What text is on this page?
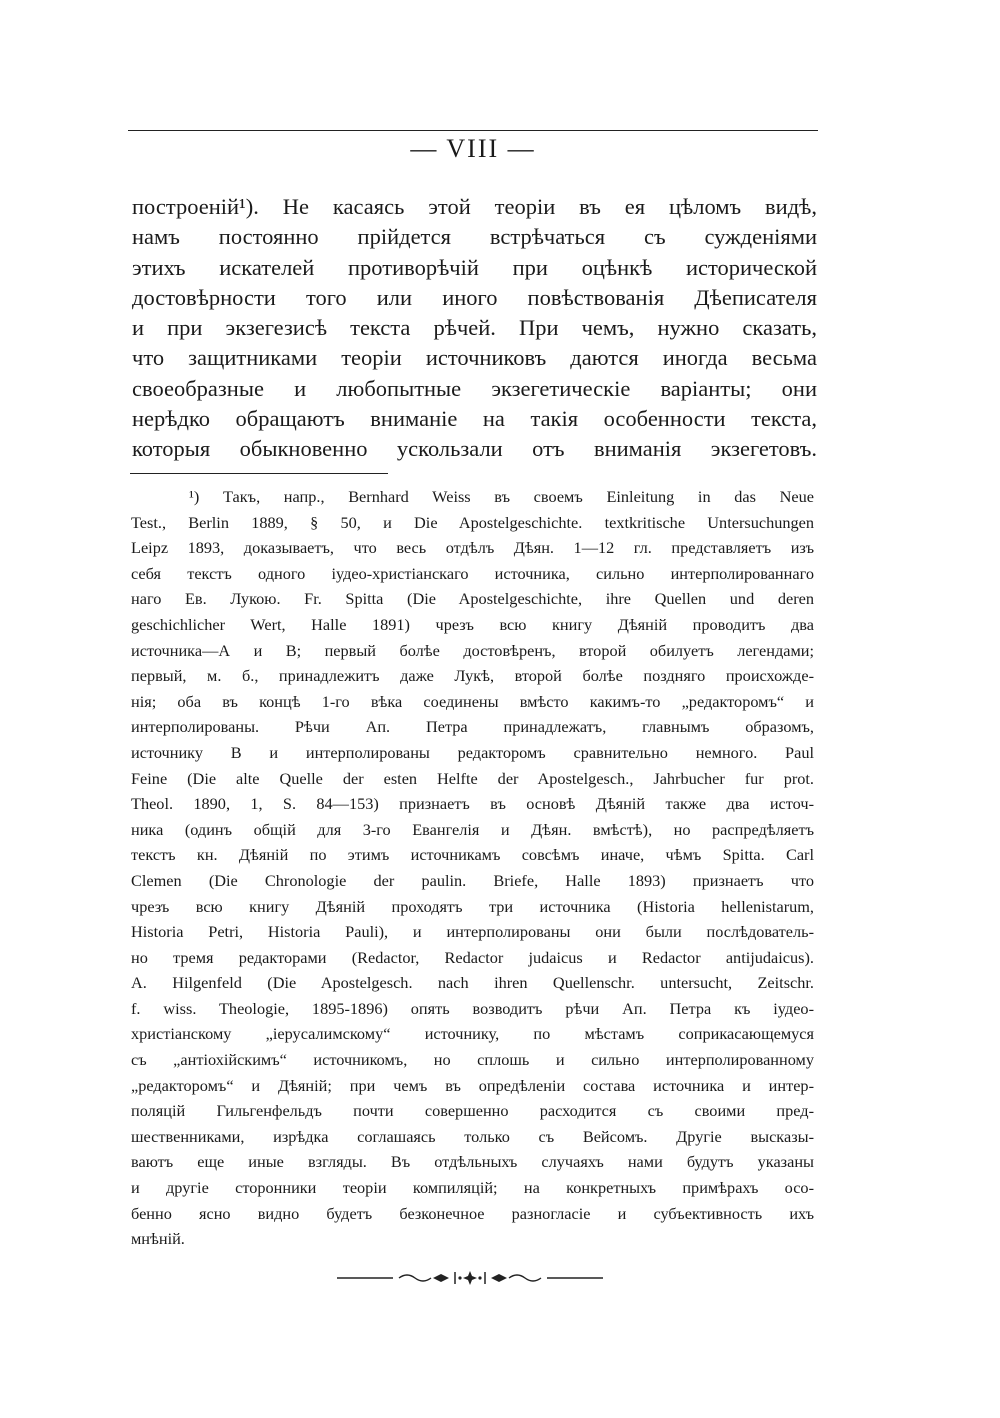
— VIII —
построеній¹). Не касаясь этой теоріи въ ея цѣломъ видѣ,
намъ постоянно прійдется встрѣчаться съ сужденіями
этихъ искателей противорѣчій при оцѣнкѣ исторической
достовѣрности того или иного повѣствованія Дѣеписателя
и при экзегезисѣ текста рѣчей. При чемъ, нужно сказать,
что защитниками теоріи источниковъ даются иногда весьма
своеобразные и любопытные экзегетическіе варіанты; они
нерѣдко обращаютъ вниманіе на такія особенности текста,
которыя обыкновенно ускользали отъ вниманія экзегетовъ.
¹) Такъ, напр., Bernhard Weiss въ своемъ Einleitung in das Neue
Test., Berlin 1889, § 50, и Die Apostelgeschichte. textkritische Untersuchungen
Leipz 1893, доказываетъ, что весь отдѣлъ Дѣян. 1—12 гл. представляетъ изъ
себя текстъ одного іудео-христіанскаго источника, сильно интерполированнаго
наго Ев. Лукою. Fr. Spitta (Die Apostelgeschichte, ihre Quellen und deren
geschichlicher Wert, Halle 1891) чрезъ всю книгу Дѣяній проводитъ два
источника—А и В; первый болѣе достовѣренъ, второй обилуетъ легендами;
первый, м. б., принадлежитъ даже Лукѣ, второй болѣе поздняго происхожде-
нія; оба въ концѣ 1-го вѣка соединены вмѣсто какимъ-то „редакторомъ“ и
интерполированы. Рѣчи Ап. Петра принадлежатъ, главнымъ образомъ,
источнику В и интерполированы редакторомъ сравнительно немного. Paul
Feine (Die alte Quelle der esten Helfte der Apostelgesch., Jahrbucher fur prot.
Theol. 1890, 1, S. 84—153) признаетъ въ основѣ Дѣяній также два источ-
ника (одинъ общій для 3-го Евангелія и Дѣян. вмѣстѣ), но распредѣляетъ
текстъ кн. Дѣяній по этимъ источникамъ совсѣмъ иначе, чѣмъ Spitta. Carl
Clemen (Die Chronologie der paulin. Briefe, Halle 1893) признаетъ что
чрезъ всю книгу Дѣяній проходятъ три источника (Historia hellenistarum,
Historia Petri, Historia Pauli), и интерполированы они были послѣдователь-
но тремя редакторами (Redactor, Redactor judaicus и Redactor antijudaicus).
A. Hilgenfeld (Die Apostelgesch. nach ihren Quellenschr. untersucht, Zeitschr.
f. wiss. Theologie, 1895-1896) опять возводитъ рѣчи Ап. Петра къ іудео-
христіанскому „іерусалимскому“ источнику, по мѣстамъ соприкасающемуся
съ „антіохійскимъ“ источникомъ, но сплошь и сильно интерполированному
„редакторомъ“ и Дѣяній; при чемъ въ опредѣленіи состава источника и интер-
поляцій Гильгенфельдъ почти совершенно расходится съ своими пред-
шественниками, изрѣдка соглашаясь только съ Вейсомъ. Другіе высказы-
ваютъ еще иные взгляды. Въ отдѣльныхъ случаяхъ нами будутъ указаны
и другіе сторонники теоріи компиляцій; на конкретныхъ примѣрахъ осо-
бенно ясно видно будетъ безконечное разногласіе и субъективность ихъ
мнѣній.
